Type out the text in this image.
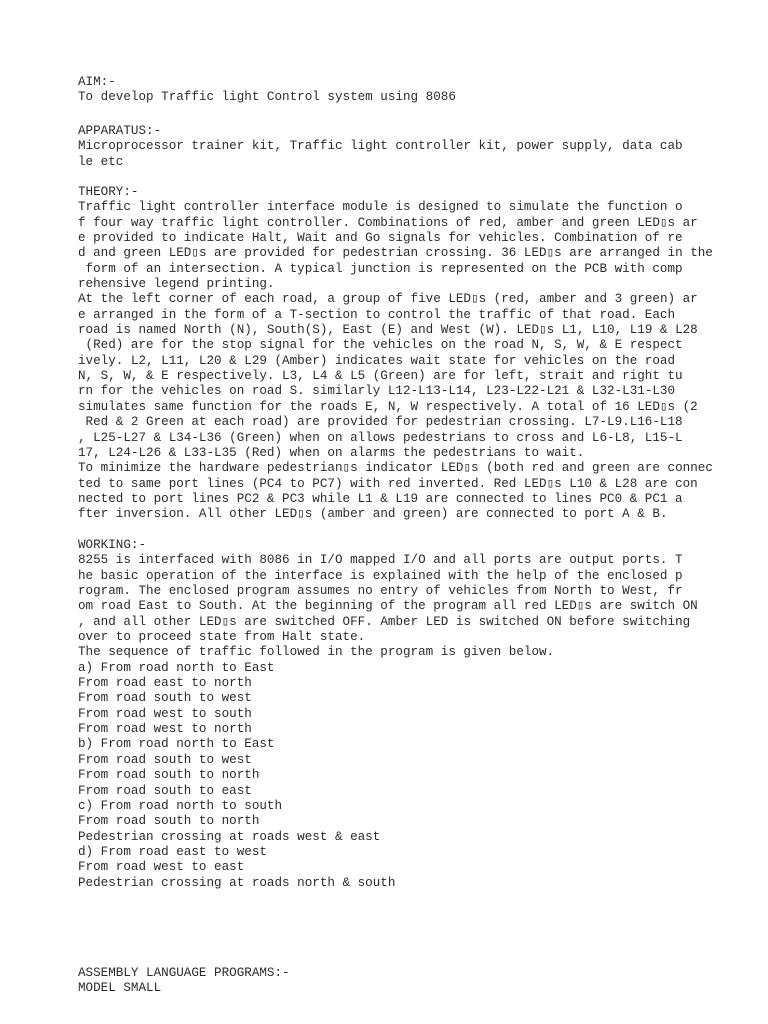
AIM:-
To develop Traffic light Control system using 8086
APPARATUS:-
Microprocessor trainer kit, Traffic light controller kit, power supply, data cab
le etc
THEORY:-
Traffic light controller interface module is designed to simulate the function o
f four way traffic light controller. Combinations of red, amber and green LED▯s ar
e provided to indicate Halt, Wait and Go signals for vehicles. Combination of re
d and green LED▯s are provided for pedestrian crossing. 36 LED▯s are arranged in the
form of an intersection. A typical junction is represented on the PCB with comp
rehensive legend printing.
At the left corner of each road, a group of five LED▯s (red, amber and 3 green) ar
e arranged in the form of a T-section to control the traffic of that road. Each
road is named North (N), South(S), East (E) and West (W). LED▯s L1, L10, L19 & L28
(Red) are for the stop signal for the vehicles on the road N, S, W, & E respect
ively. L2, L11, L20 & L29 (Amber) indicates wait state for vehicles on the road
N, S, W, & E respectively. L3, L4 & L5 (Green) are for left, strait and right tu
rn for the vehicles on road S. similarly L12-L13-L14, L23-L22-L21 & L32-L31-L30
simulates same function for the roads E, N, W respectively. A total of 16 LED▯s (2
Red & 2 Green at each road) are provided for pedestrian crossing. L7-L9.L16-L18
, L25-L27 & L34-L36 (Green) when on allows pedestrians to cross and L6-L8, L15-L
17, L24-L26 & L33-L35 (Red) when on alarms the pedestrians to wait.
To minimize the hardware pedestrian▯s indicator LED▯s (both red and green are connec
ted to same port lines (PC4 to PC7) with red inverted. Red LED▯s L10 & L28 are con
nected to port lines PC2 & PC3 while L1 & L19 are connected to lines PC0 & PC1 a
fter inversion. All other LED▯s (amber and green) are connected to port A & B.
WORKING:-
8255 is interfaced with 8086 in I/O mapped I/O and all ports are output ports. T
he basic operation of the interface is explained with the help of the enclosed p
rogram. The enclosed program assumes no entry of vehicles from North to West, fr
om road East to South. At the beginning of the program all red LED▯s are switch ON
, and all other LED▯s are switched OFF. Amber LED is switched ON before switching
over to proceed state from Halt state.
The sequence of traffic followed in the program is given below.
a) From road north to East
From road east to north
From road south to west
From road west to south
From road west to north
b) From road north to East
From road south to west
From road south to north
From road south to east
c) From road north to south
From road south to north
Pedestrian crossing at roads west & east
d) From road east to west
From road west to east
Pedestrian crossing at roads north & south
ASSEMBLY LANGUAGE PROGRAMS:-
MODEL SMALL
